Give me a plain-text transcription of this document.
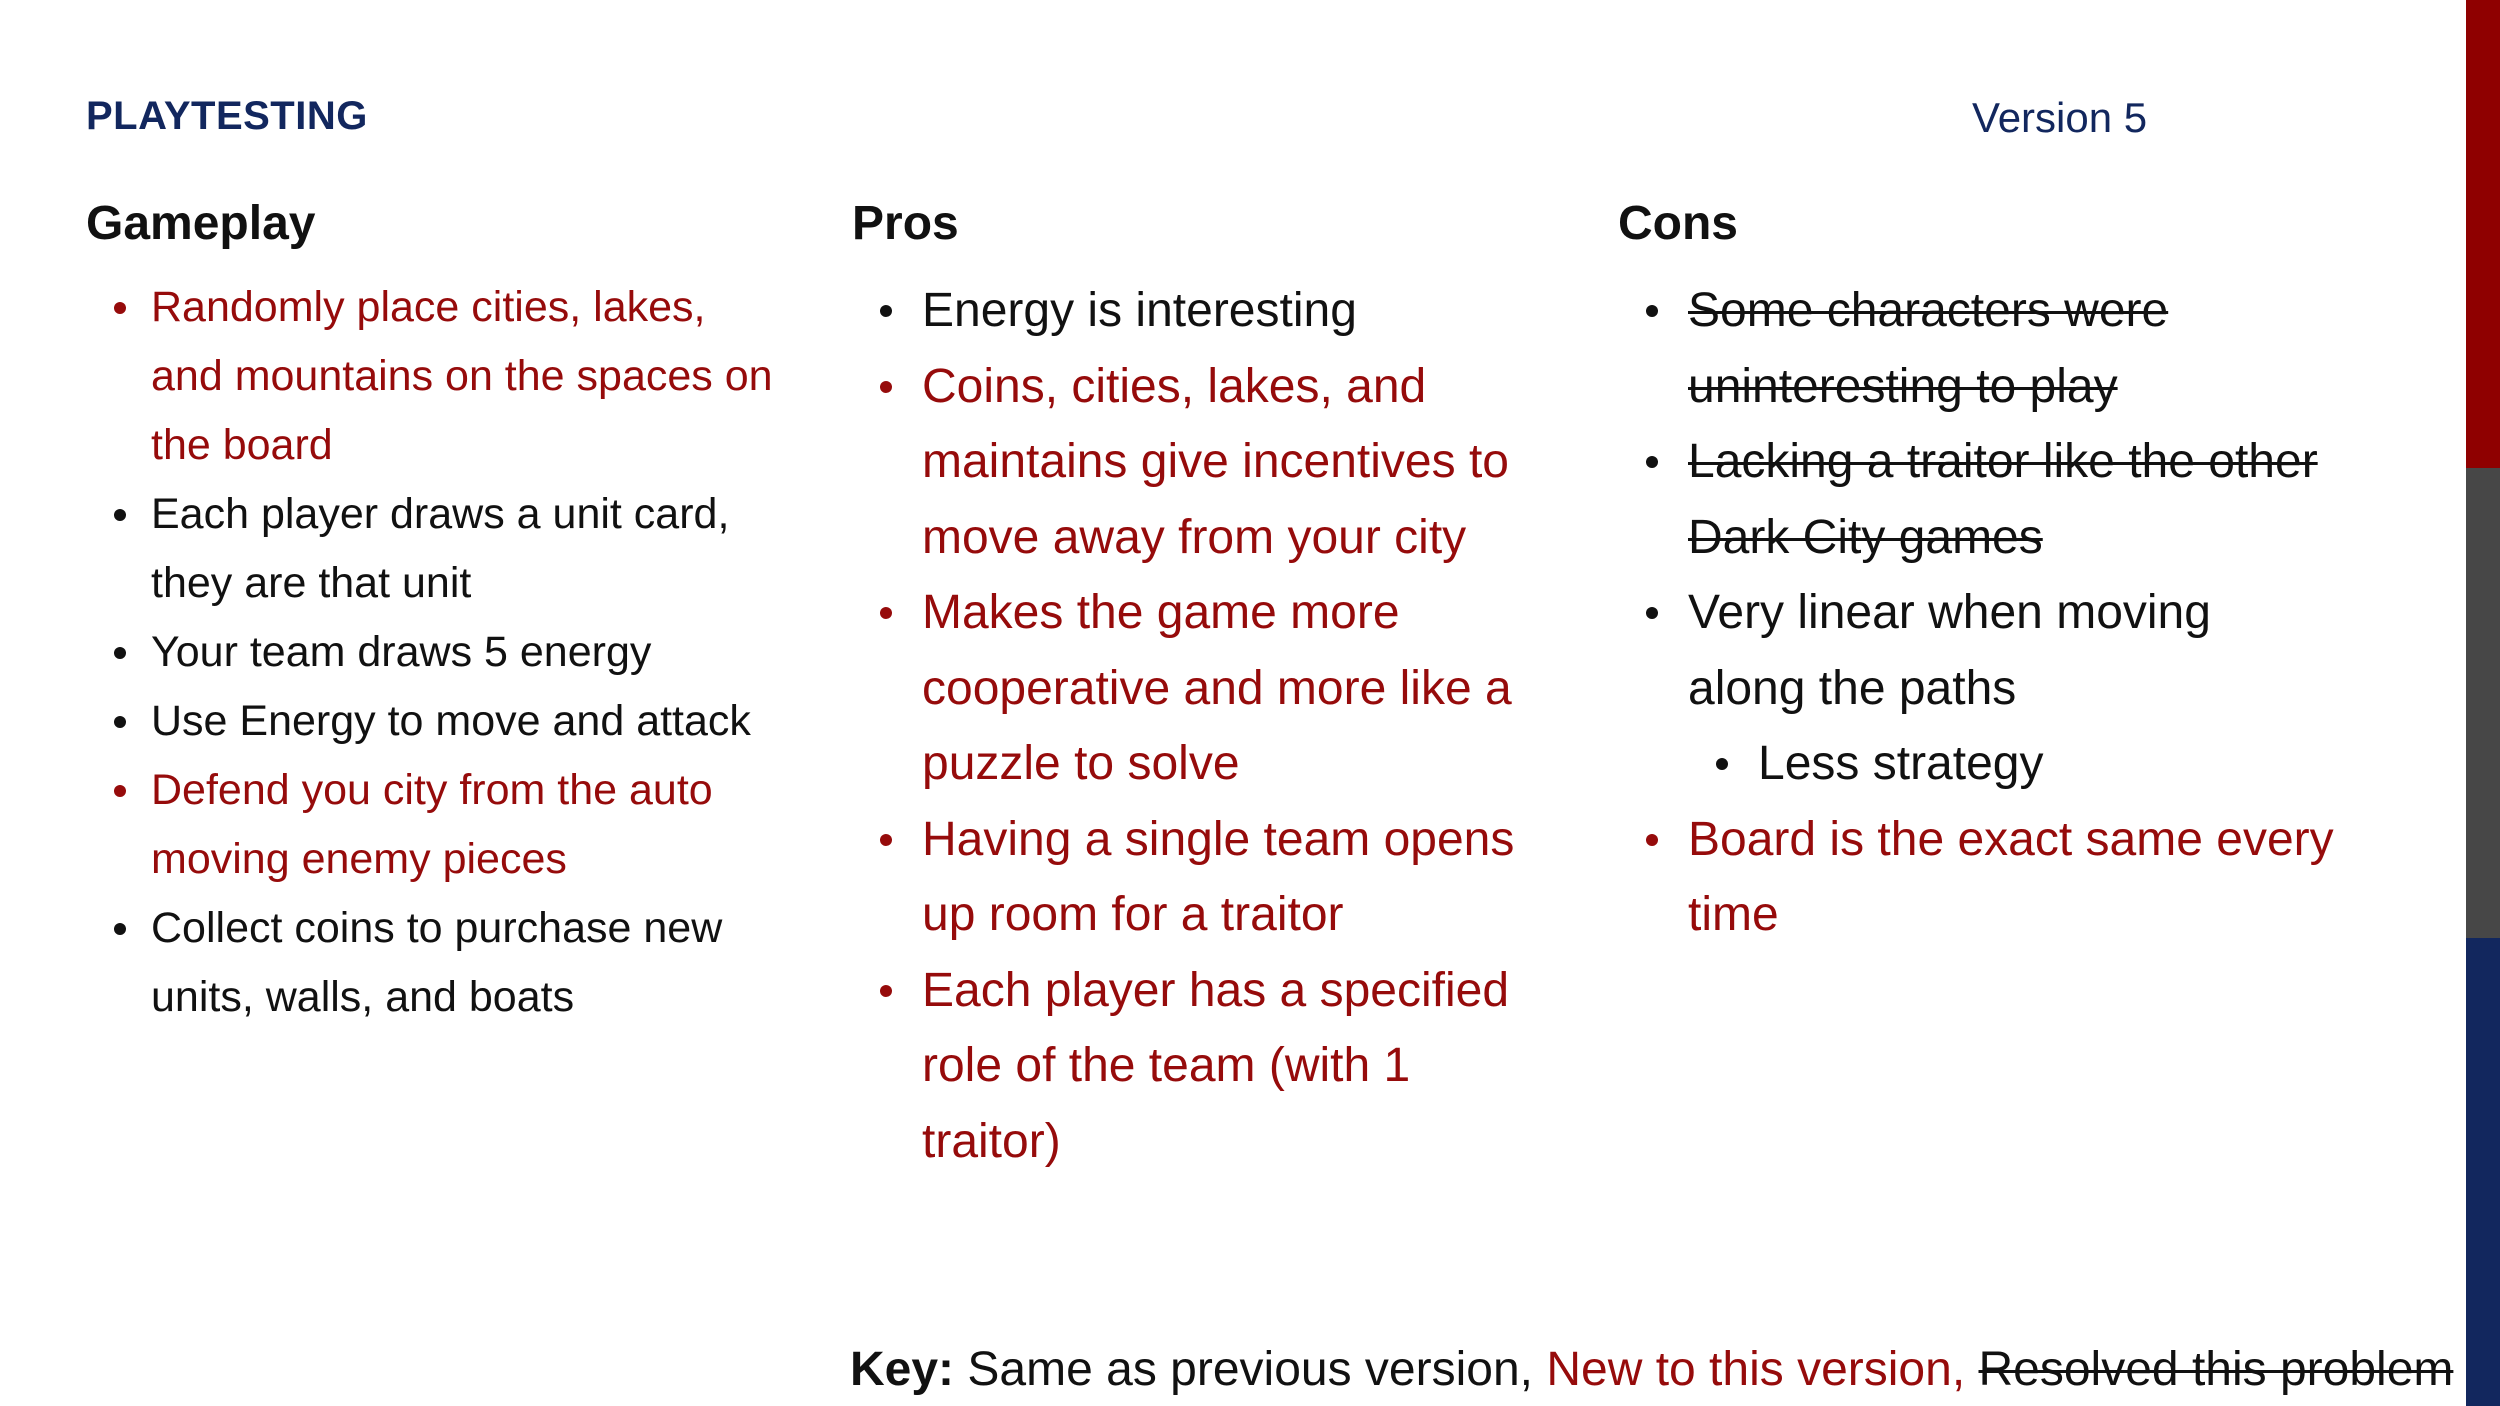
PLAYTESTING	Version 5
Gameplay
Randomly place cities, lakes, and mountains on the spaces on the board
Each player draws a unit card, they are that unit
Your team draws 5 energy
Use Energy to move and attack
Defend you city from the auto moving enemy pieces
Collect coins to purchase new units, walls, and boats
Pros
Energy is interesting
Coins, cities, lakes, and maintains give incentives to move away from your city
Makes the game more cooperative and more like a puzzle to solve
Having a single team opens up room for a traitor
Each player has a specified role of the team (with 1 traitor)
Cons
Some characters were uninteresting to play
Lacking a traitor like the other Dark City games
Very linear when moving along the paths
Less strategy
Board is the exact same every time
Key: Same as previous version, New to this version, Resolved this problem
